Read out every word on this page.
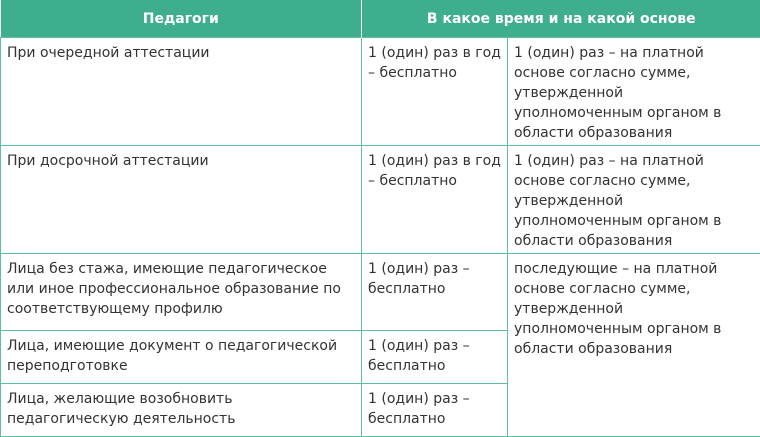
Педагоги	В какое время и на какой основе	
При очередной аттестации	1 (один) раз в год – бесплатно	1 (один) раз – на платной основе согласно сумме, утвержденной уполномоченным органом в области образования
При досрочной аттестации	1 (один) раз в год – бесплатно	1 (один) раз – на платной основе согласно сумме, утвержденной уполномоченным органом в области образования
Лица без стажа, имеющие педагогическое или иное профессиональное образование по соответствующему профилю	1 (один) раз – бесплатно	последующие – на платной основе согласно сумме, утвержденной уполномоченным органом в области образования
Лица, имеющие документ о педагогической переподготовке	1 (один) раз – бесплатно	
Лица, желающие возобновить педагогическую деятельность	1 (один) раз – бесплатно	
